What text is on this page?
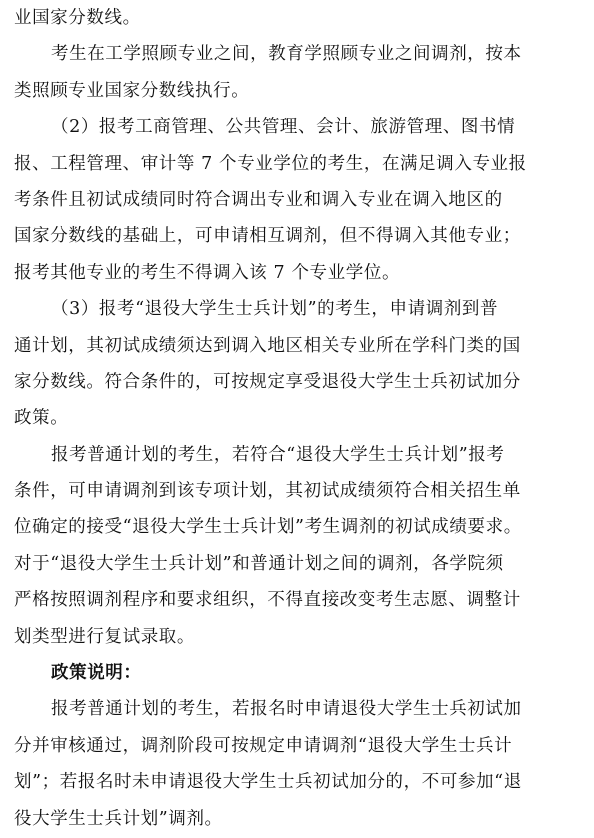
业国家分数线。
考生在工学照顾专业之间，教育学照顾专业之间调剂，按本
类照顾专业国家分数线执行。
（2）报考工商管理、公共管理、会计、旅游管理、图书情
报、工程管理、审计等 7 个专业学位的考生，在满足调入专业报
考条件且初试成绩同时符合调出专业和调入专业在调入地区的
国家分数线的基础上，可申请相互调剂，但不得调入其他专业；
报考其他专业的考生不得调入该 7 个专业学位。
（3）报考“退役大学生士兵计划”的考生，申请调剂到普
通计划，其初试成绩须达到调入地区相关专业所在学科门类的国
家分数线。符合条件的，可按规定享受退役大学生士兵初试加分
政策。
报考普通计划的考生，若符合“退役大学生士兵计划”报考
条件，可申请调剂到该专项计划，其初试成绩须符合相关招生单
位确定的接受“退役大学生士兵计划”考生调剂的初试成绩要求。
对于“退役大学生士兵计划”和普通计划之间的调剂，各学院须
严格按照调剂程序和要求组织，不得直接改变考生志愿、调整计
划类型进行复试录取。
政策说明：
报考普通计划的考生，若报名时申请退役大学生士兵初试加
分并审核通过，调剂阶段可按规定申请调剂“退役大学生士兵计
划”；若报名时未申请退役大学生士兵初试加分的，不可参加“退
役大学生士兵计划”调剂。
